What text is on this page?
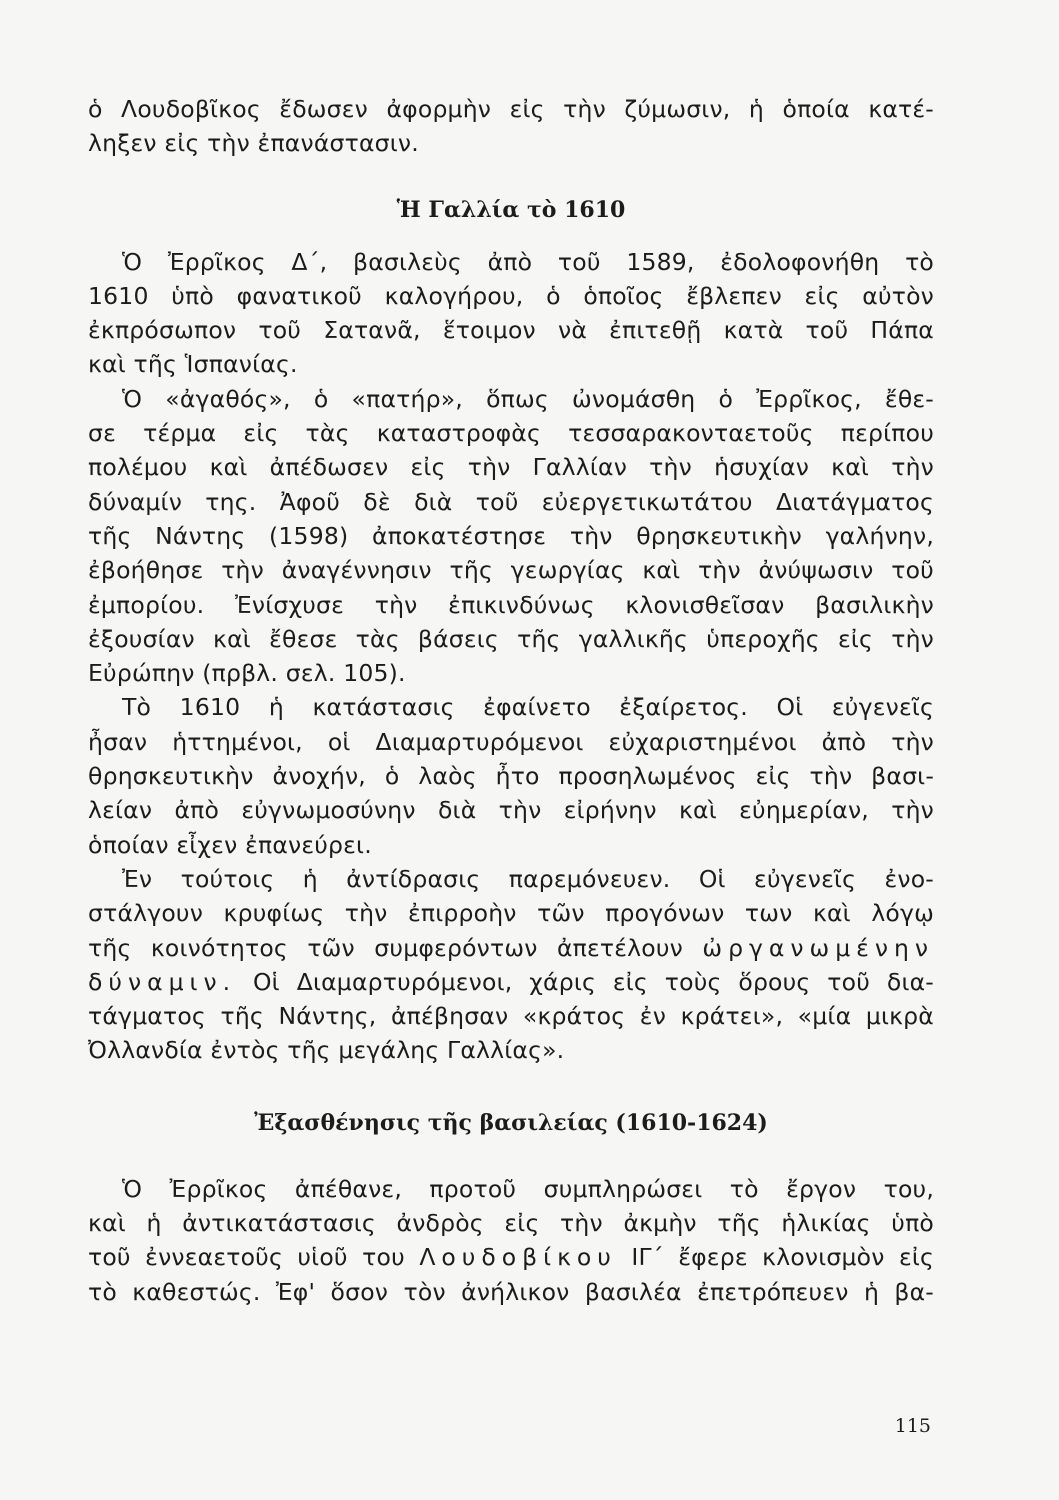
ὁ Λουδοβῖκος ἔδωσεν ἀφορμὴν εἰς τὴν ζύμωσιν, ἡ ὁποία κατέ-
ληξεν εἰς τὴν ἐπανάστασιν.

Ἡ Γαλλία τὸ 1610

Ὁ Ἐρρῖκος Δ΄, βασιλεὺς ἀπὸ τοῦ 1589, ἐδολοφονήθη τὸ
1610 ὑπὸ φανατικοῦ καλογήρου, ὁ ὁποῖος ἔβλεπεν εἰς αὐτὸν
ἐκπρόσωπον τοῦ Σατανᾶ, ἕτοιμον νὰ ἐπιτεθῇ κατὰ τοῦ Πάπα
καὶ τῆς Ἱσπανίας.

Ὁ «ἀγαθός», ὁ «πατήρ», ὅπως ὠνομάσθη ὁ Ἐρρῖκος, ἔθε-
σε τέρμα εἰς τὰς καταστροφὰς τεσσαρακονταετοῦς περίπου
πολέμου καὶ ἀπέδωσεν εἰς τὴν Γαλλίαν τὴν ἡσυχίαν καὶ τὴν
δύναμίν της. Ἀφοῦ δὲ διὰ τοῦ εὐεργετικωτάτου Διατάγματος
τῆς Νάντης (1598) ἀποκατέστησε τὴν θρησκευτικὴν γαλήνην,
ἐβοήθησε τὴν ἀναγέννησιν τῆς γεωργίας καὶ τὴν ἀνύψωσιν τοῦ
ἐμπορίου. Ἐνίσχυσε τὴν ἐπικινδύνως κλονισθεῖσαν βασιλικὴν
ἐξουσίαν καὶ ἔθεσε τὰς βάσεις τῆς γαλλικῆς ὑπεροχῆς εἰς τὴν
Εὐρώπην (πρβλ. σελ. 105).

Τὸ 1610 ἡ κατάστασις ἐφαίνετο ἐξαίρετος. Οἱ εὐγενεῖς
ἦσαν ἡττημένοι, οἱ Διαμαρτυρόμενοι εὐχαριστημένοι ἀπὸ τὴν
θρησκευτικὴν ἀνοχήν, ὁ λαὸς ἦτο προσηλωμένος εἰς τὴν βασι-
λείαν ἀπὸ εὐγνωμοσύνην διὰ τὴν εἰρήνην καὶ εὐημερίαν, τὴν
ὁποίαν εἶχεν ἐπανεύρει.

Ἐν τούτοις ἡ ἀντίδρασις παρεμόνευεν. Οἱ εὐγενεῖς ἐνο-
στάλγουν κρυφίως τὴν ἐπιρροὴν τῶν προγόνων των καὶ λόγῳ
τῆς κοινότητος τῶν συμφερόντων ἀπετέλουν ὠργανωμένην
δύναμιν. Οἱ Διαμαρτυρόμενοι, χάρις εἰς τοὺς ὅρους τοῦ δια-
τάγματος τῆς Νάντης, ἀπέβησαν «κράτος ἐν κράτει», «μία μικρὰ
Ὀλλανδία ἐντὸς τῆς μεγάλης Γαλλίας».

Ἐξασθένησις τῆς βασιλείας (1610-1624)

Ὁ Ἐρρῖκος ἀπέθανε, προτοῦ συμπληρώσει τὸ ἔργον του,
καὶ ἡ ἀντικατάστασις ἀνδρὸς εἰς τὴν ἀκμὴν τῆς ἡλικίας ὑπὸ
τοῦ ἐννεαετοῦς υἱοῦ του Λουδοβίκου ΙΓ΄ ἔφερε κλονισμὸν εἰς
τὸ καθεστώς. Ἐφ' ὅσον τὸν ἀνήλικον βασιλέα ἐπετρόπευεν ἡ βα-

115
